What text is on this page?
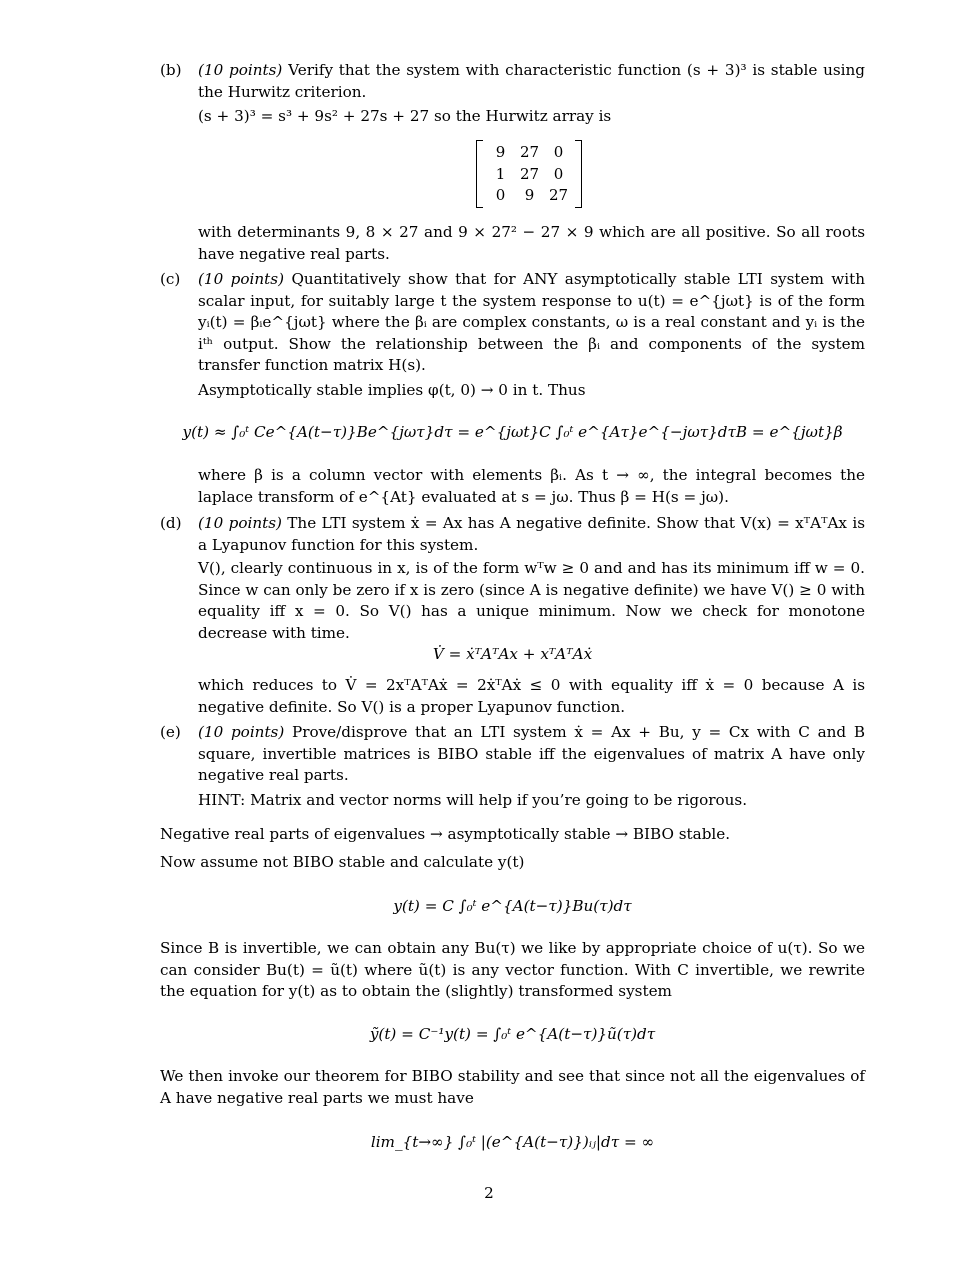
(b)	(10 points) Verify that the system with characteristic function (s + 3)³ is stable using the Hurwitz criterion.

(s + 3)³ = s³ + 9s² + 27s + 27 so the Hurwitz array is

9	27	0
1	27	0
0	9	27

with determinants 9, 8 × 27 and 9 × 27² − 27 × 9 which are all positive. So all roots have negative real parts.

(c)	(10 points) Quantitatively show that for ANY asymptotically stable LTI system with scalar input, for suitably large t the system response to u(t) = e^{jωt} is of the form yᵢ(t) = βᵢe^{jωt} where the βᵢ are complex constants, ω is a real constant and yᵢ is the iᵗʰ output. Show the relationship between the βᵢ and components of the system transfer function matrix H(s).

Asymptotically stable implies φ(t, 0) → 0 in t. Thus

y(t) ≈ ∫₀ᵗ Ce^{A(t−τ)}Be^{jωτ}dτ = e^{jωt}C ∫₀ᵗ e^{Aτ}e^{−jωτ}dτB = e^{jωt}β

where β is a column vector with elements βᵢ. As t → ∞, the integral becomes the laplace transform of e^{At} evaluated at s = jω. Thus β = H(s = jω).

(d)	(10 points) The LTI system ẋ = Ax has A negative definite. Show that V(x) = xᵀAᵀAx is a Lyapunov function for this system.

V(), clearly continuous in x, is of the form wᵀw ≥ 0 and and has its minimum iff w = 0. Since w can only be zero if x is zero (since A is negative definite) we have V() ≥ 0 with equality iff x = 0. So V() has a unique minimum. Now we check for monotone decrease with time.

V̇ = ẋᵀAᵀAx + xᵀAᵀAẋ

which reduces to V̇ = 2xᵀAᵀAẋ = 2ẋᵀAẋ ≤ 0 with equality iff ẋ = 0 because A is negative definite. So V() is a proper Lyapunov function.

(e)	(10 points) Prove/disprove that an LTI system ẋ = Ax + Bu, y = Cx with C and B square, invertible matrices is BIBO stable iff the eigenvalues of matrix A have only negative real parts.

HINT: Matrix and vector norms will help if you’re going to be rigorous.

Negative real parts of eigenvalues → asymptotically stable → BIBO stable.

Now assume not BIBO stable and calculate y(t)

y(t) = C ∫₀ᵗ e^{A(t−τ)}Bu(τ)dτ

Since B is invertible, we can obtain any Bu(τ) we like by appropriate choice of u(τ). So we can consider Bu(t) = ũ(t) where ũ(t) is any vector function. With C invertible, we rewrite the equation for y(t) as to obtain the (slightly) transformed system

ỹ(t) = C⁻¹y(t) = ∫₀ᵗ e^{A(t−τ)}ũ(τ)dτ

We then invoke our theorem for BIBO stability and see that since not all the eigenvalues of A have negative real parts we must have

lim_{t→∞} ∫₀ᵗ |(e^{A(t−τ)})ᵢⱼ|dτ = ∞
2
